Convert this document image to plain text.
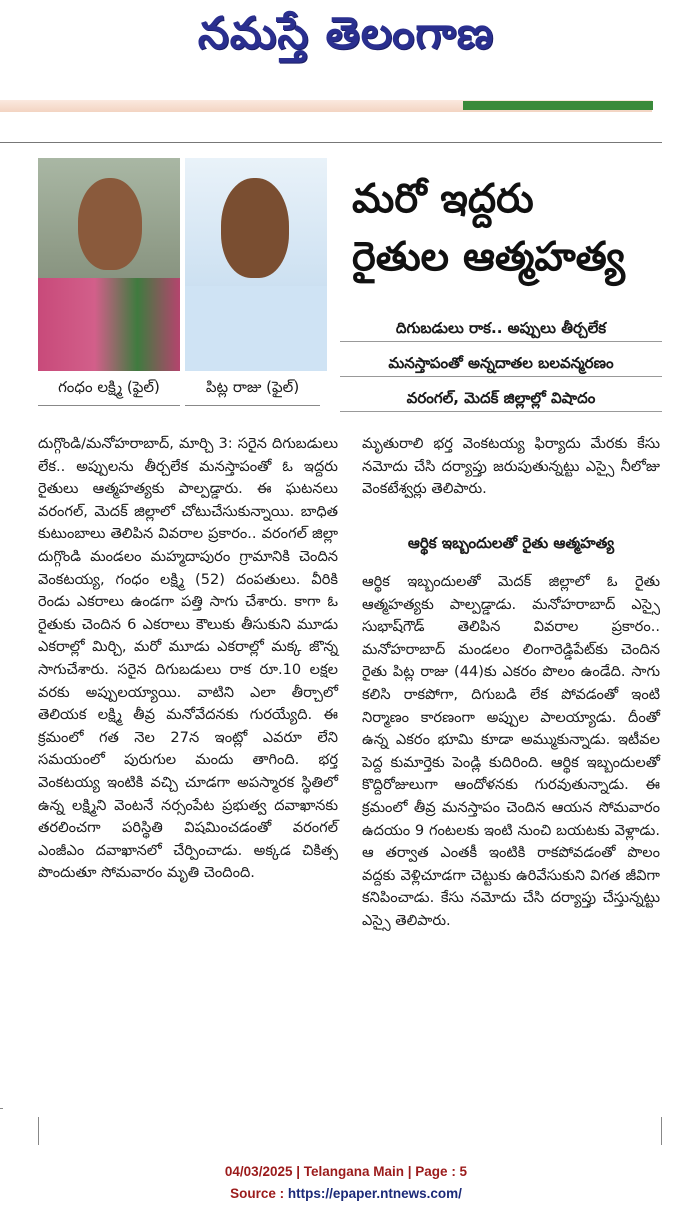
నమస్తే తెలంగాణ
గంధం లక్ష్మి (ఫైల్)	పిట్ల రాజు (ఫైల్)
మరో ఇద్దరు
రైతుల ఆత్మహత్య
దిగుబడులు రాక.. అప్పులు తీర్చలేక
మనస్తాపంతో అన్నదాతల బలవన్మరణం
వరంగల్, మెదక్ జిల్లాల్లో విషాదం
దుగ్గొండి/మనోహరాబాద్, మార్చి 3: సరైన దిగుబడులు లేక.. అప్పులను తీర్చలేక మనస్తాపంతో ఓ ఇద్దరు రైతులు ఆత్మహత్యకు పాల్పడ్డారు. ఈ ఘటనలు వరంగల్, మెదక్ జిల్లాలో చోటుచేసుకున్నాయి. బాధిత కుటుంబాలు తెలిపిన వివరాల ప్రకారం.. వరంగల్ జిల్లా దుగ్గొండి మండలం మహ్మదాపురం గ్రామానికి చెందిన వెంకటయ్య, గంధం లక్ష్మి (52) దంపతులు. వీరికి రెండు ఎకరాలు ఉండగా పత్తి సాగు చేశారు. కాగా ఓ రైతుకు చెందిన 6 ఎకరాలు కౌలుకు తీసుకుని మూడు ఎకరాల్లో మిర్చి, మరో మూడు ఎకరాల్లో మక్క జొన్న సాగుచేశారు. సరైన దిగుబడులు రాక రూ.10 లక్షల వరకు అప్పులయ్యాయి. వాటిని ఎలా తీర్చాలో తెలియక లక్ష్మి తీవ్ర మనోవేదనకు గురయ్యేది. ఈ క్రమంలో గత నెల 27న ఇంట్లో ఎవరూ లేని సమయంలో పురుగుల మందు తాగింది. భర్త వెంకటయ్య ఇంటికి వచ్చి చూడగా అపస్మారక స్థితిలో ఉన్న లక్ష్మిని వెంటనే నర్సంపేట ప్రభుత్వ దవాఖానకు తరలించగా పరిస్థితి విషమించడంతో వరంగల్ ఎంజీఎం దవాఖానలో చేర్పించాడు. అక్కడ చికిత్స పొందుతూ సోమవారం మృతి చెందింది.
మృతురాలి భర్త వెంకటయ్య ఫిర్యాదు మేరకు కేసు నమోదు చేసి దర్యాప్తు జరుపుతున్నట్టు ఎస్సై నీలోజు వెంకటేశ్వర్లు తెలిపారు.
ఆర్థిక ఇబ్బందులతో రైతు ఆత్మహత్య
ఆర్థిక ఇబ్బందులతో మెదక్ జిల్లాలో ఓ రైతు ఆత్మహత్యకు పాల్పడ్డాడు. మనోహరాబాద్ ఎస్సై సుభాష్‌గౌడ్ తెలిపిన వివరాల ప్రకారం.. మనోహరాబాద్ మండలం లింగారెడ్డిపేట్‌కు చెందిన రైతు పిట్ల రాజు (44)కు ఎకరం పొలం ఉండేది. సాగు కలిసి రాకపోగా, దిగుబడి లేక పోవడంతో ఇంటి నిర్మాణం కారణంగా అప్పుల పాలయ్యాడు. దీంతో ఉన్న ఎకరం భూమి కూడా అమ్ముకున్నాడు. ఇటీవల పెద్ద కుమార్తెకు పెండ్లి కుదిరింది. ఆర్థిక ఇబ్బందులతో కొద్దిరోజులుగా ఆందోళనకు గురవుతున్నాడు. ఈ క్రమంలో తీవ్ర మనస్తాపం చెందిన ఆయన సోమవారం ఉదయం 9 గంటలకు ఇంటి నుంచి బయటకు వెళ్లాడు. ఆ తర్వాత ఎంతకీ ఇంటికి రాకపోవడంతో పొలం వద్దకు వెళ్లిచూడగా చెట్టుకు ఉరివేసుకుని విగత జీవిగా కనిపించాడు. కేసు నమోదు చేసి దర్యాప్తు చేస్తున్నట్టు ఎస్సై తెలిపారు.
04/03/2025 | Telangana Main | Page : 5
Source : https://epaper.ntnews.com/
